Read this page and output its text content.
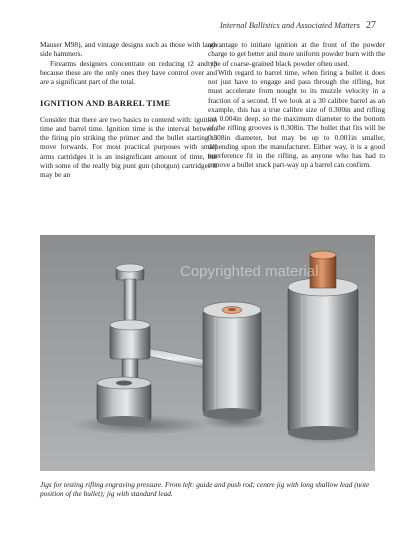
Internal Ballistics and Associated Matters 27

Mauser M98), and vintage designs such as those with large side hammers.

Firearms designers concentrate on reducing t2 and t3 because these are the only ones they have control over and are a significant part of the total.

IGNITION AND BARREL TIME

Consider that there are two basics to contend with: ignition time and barrel time. Ignition time is the interval between the firing pin striking the primer and the bullet starting to move forwards. For most practical purposes with small arms cartridges it is an insignificant amount of time, but with some of the really big punt gun (shotgun) cartridges it may be an

advantage to initiate ignition at the front of the powder charge to get better and more uniform powder burn with the type of coarse-grained black powder often used.

With regard to barrel time, when firing a bullet it does not just have to engage and pass through the rifling, but must accelerate from nought to its muzzle velocity in a fraction of a second. If we look at a 30 calibre barrel as an example, this has a true calibre size of 0.300in and rifling cut 0.004in deep, so the maximum diameter to the bottom of the rifling grooves is 0.308in. The bullet that fits will be 0.308in diameter, but may be up to 0.001in smaller, depending upon the manufacturer. Either way, it is a good interference fit in the rifling, as anyone who has had to remove a bullet stuck part-way up a barrel can confirm.

Copyrighted material
Jigs for testing rifling engraving pressure. From left: guide and push rod; centre jig with long shallow lead (note position of the bullet); jig with standard lead.
